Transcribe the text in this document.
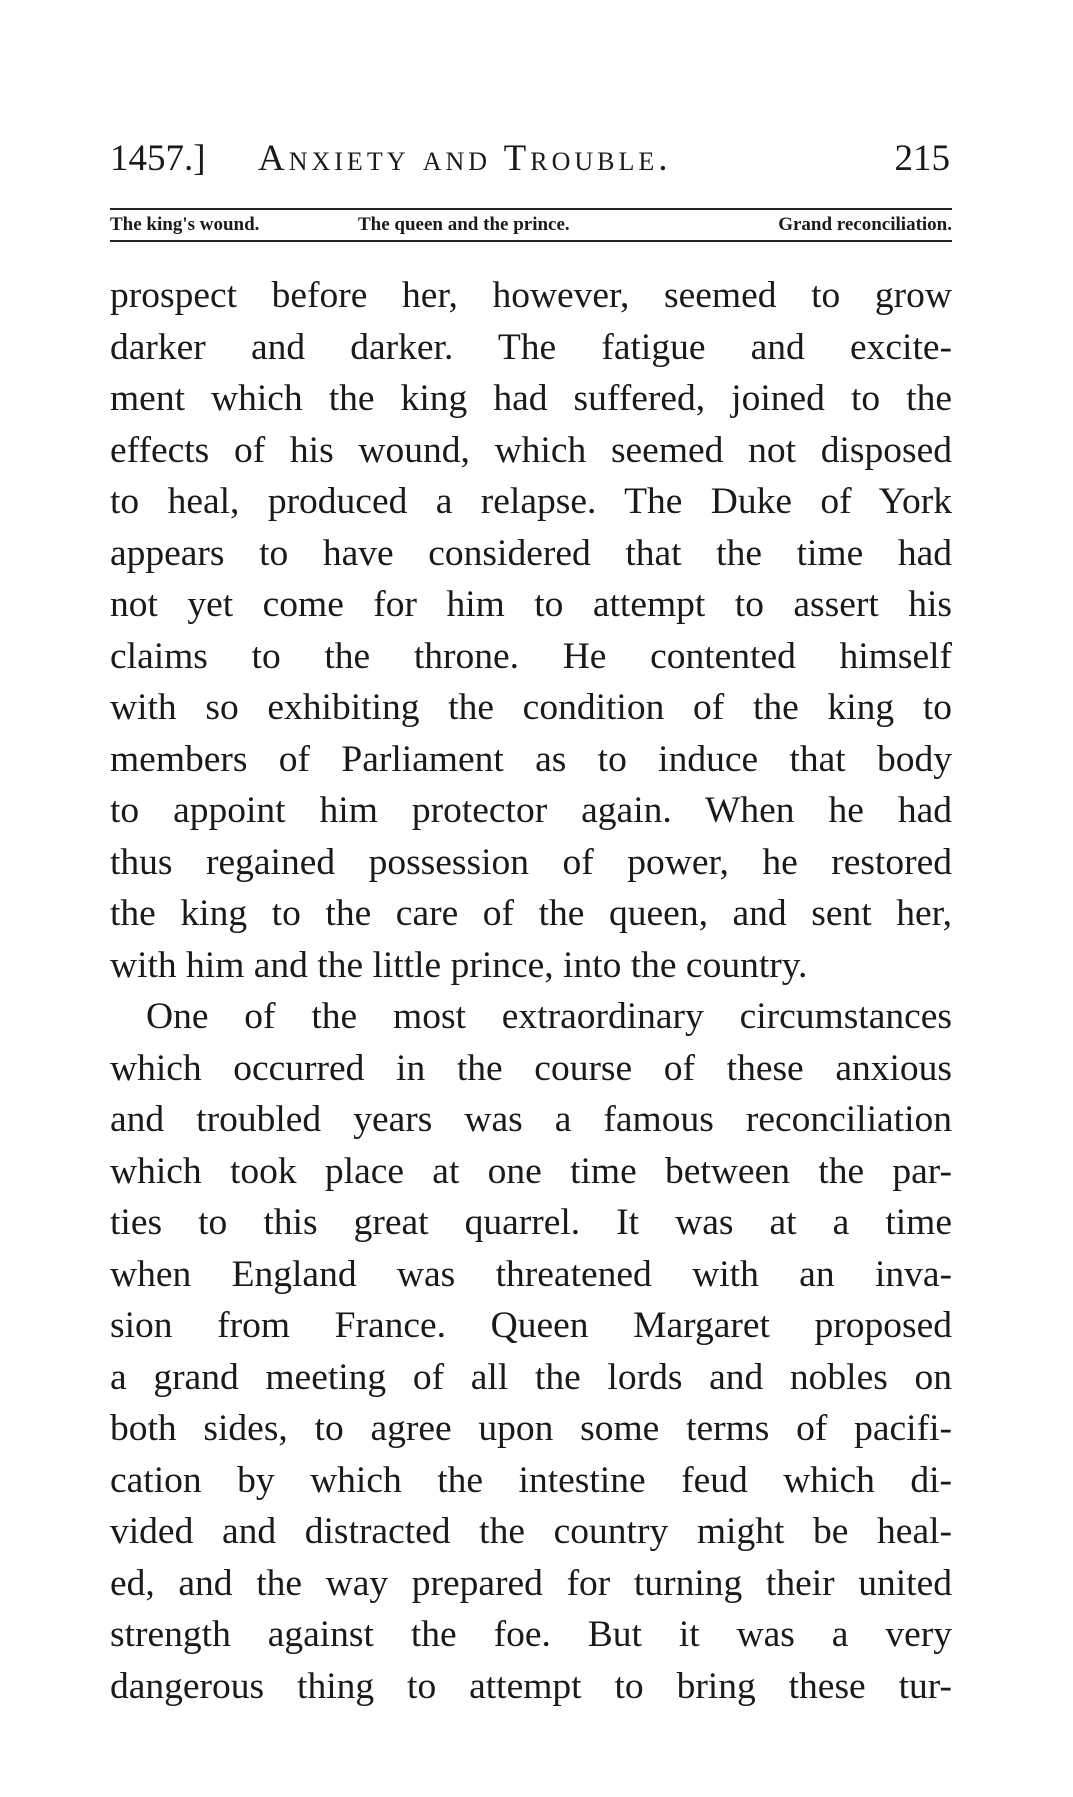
1457.] Anxiety and Trouble.	215
The king's wound.	The queen and the prince.	Grand reconciliation.
prospect before her, however, seemed to grow
darker and darker. The fatigue and excite-
ment which the king had suffered, joined to the
effects of his wound, which seemed not disposed
to heal, produced a relapse. The Duke of York
appears to have considered that the time had
not yet come for him to attempt to assert his
claims to the throne. He contented himself
with so exhibiting the condition of the king to
members of Parliament as to induce that body
to appoint him protector again. When he had
thus regained possession of power, he restored
the king to the care of the queen, and sent her,
with him and the little prince, into the country.
One of the most extraordinary circumstances
which occurred in the course of these anxious
and troubled years was a famous reconciliation
which took place at one time between the par-
ties to this great quarrel. It was at a time
when England was threatened with an inva-
sion from France. Queen Margaret proposed
a grand meeting of all the lords and nobles on
both sides, to agree upon some terms of pacifi-
cation by which the intestine feud which di-
vided and distracted the country might be heal-
ed, and the way prepared for turning their united
strength against the foe. But it was a very
dangerous thing to attempt to bring these tur-
